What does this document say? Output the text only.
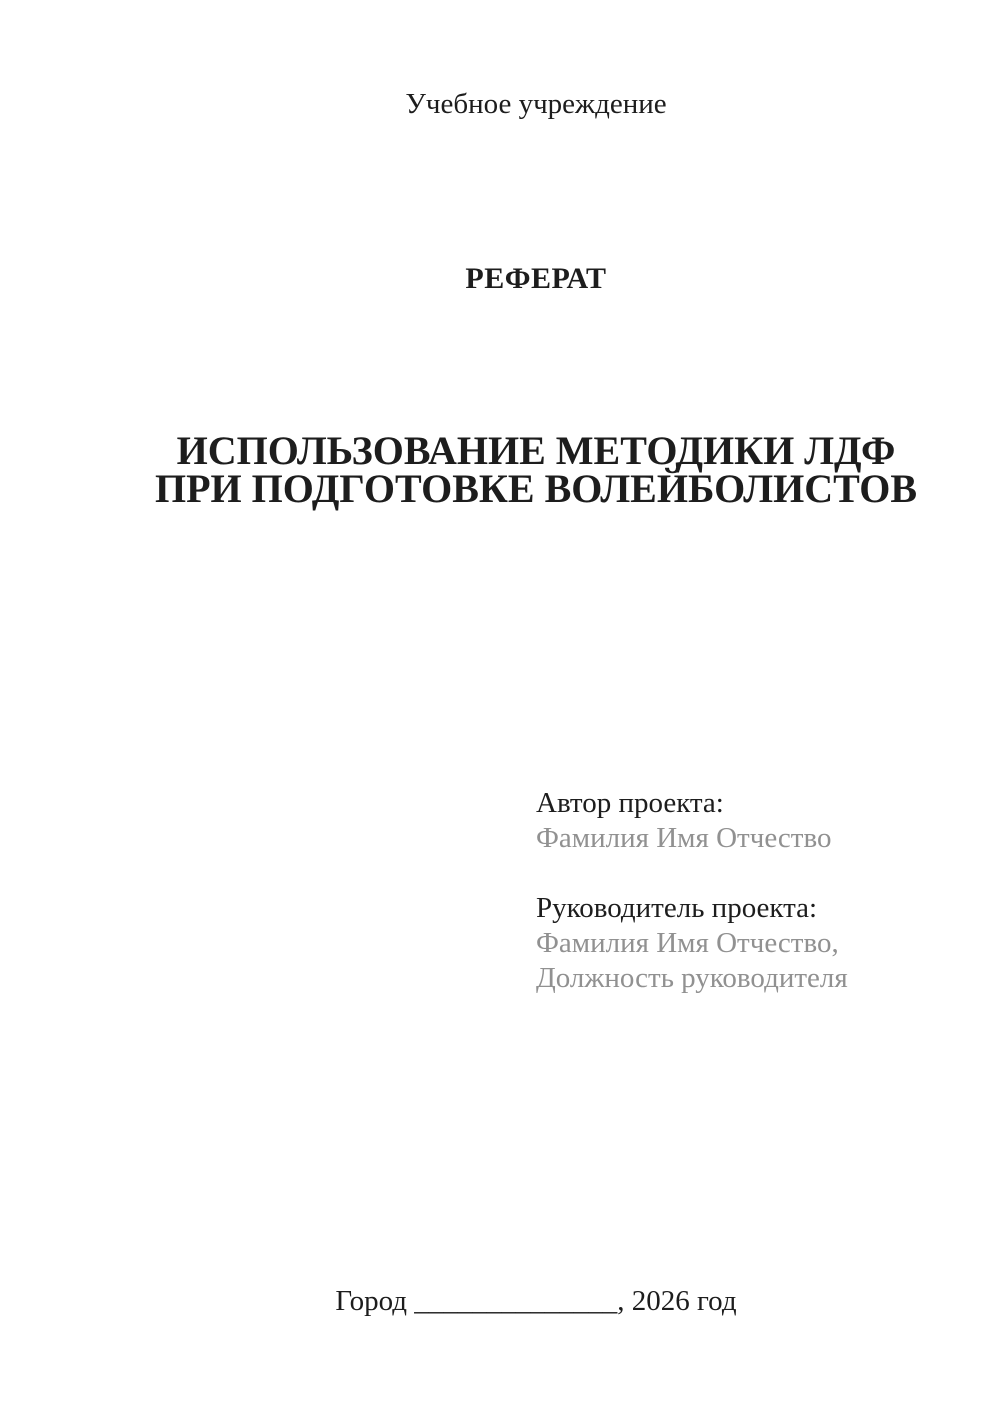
Учебное учреждение
РЕФЕРАТ
ИСПОЛЬЗОВАНИЕ МЕТОДИКИ ЛДФ
ПРИ ПОДГОТОВКЕ ВОЛЕЙБОЛИСТОВ
Автор проекта:
Фамилия Имя Отчество
Руководитель проекта:
Фамилия Имя Отчество,
Должность руководителя
Город ______________, 2026 год
